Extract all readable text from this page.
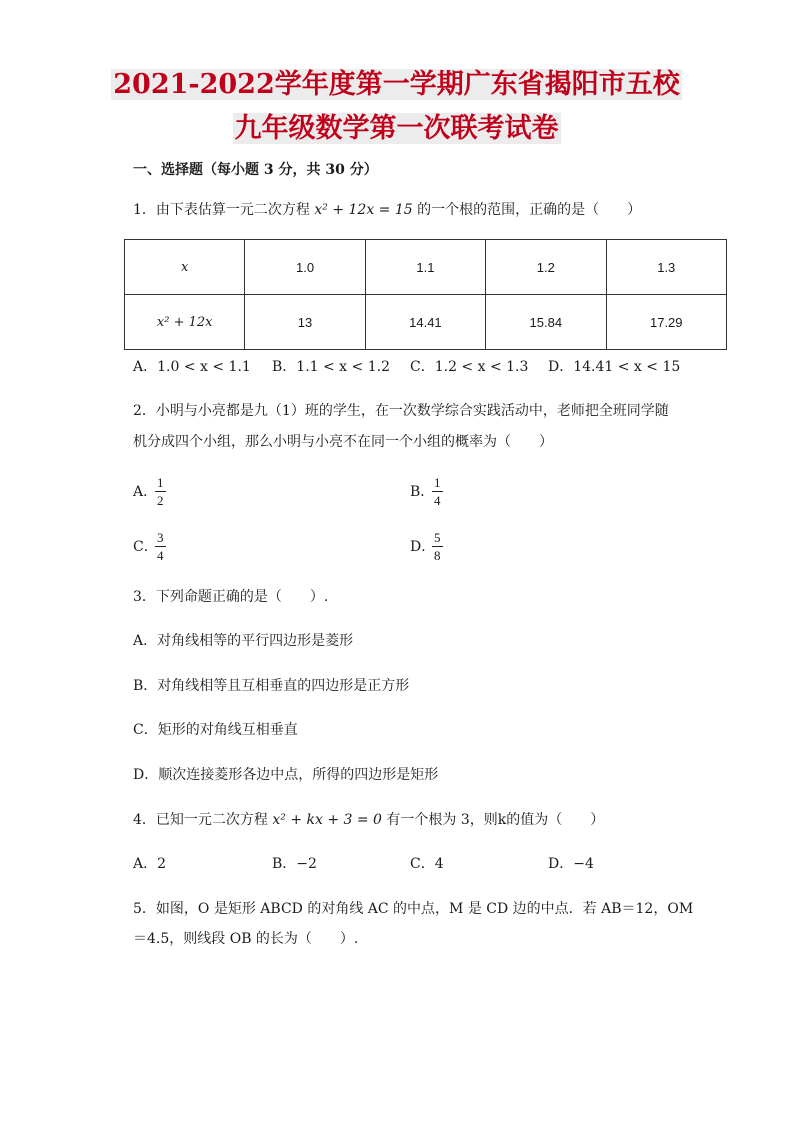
2021-2022学年度第一学期广东省揭阳市五校
九年级数学第一次联考试卷
一、选择题（每小题 3 分，共 30 分）
1．由下表估算一元二次方程 x² + 12x = 15 的一个根的范围，正确的是（　　）
x	1.0	1.1	1.2	1.3
x² + 12x	13	14.41	15.84	17.29
A．1.0 < x < 1.1 B．1.1 < x < 1.2 C．1.2 < x < 1.3 D．14.41 < x < 15
2．小明与小亮都是九（1）班的学生，在一次数学综合实践活动中，老师把全班同学随
机分成四个小组，那么小明与小亮不在同一个小组的概率为（　　）
A．
$\frac{1}{2}$	B．
$\frac{1}{4}$
C．
$\frac{3}{4}$	D．
$\frac{5}{8}$
3．下列命题正确的是（　　）.
A．对角线相等的平行四边形是菱形
B．对角线相等且互相垂直的四边形是正方形
C．矩形的对角线互相垂直
D．顺次连接菱形各边中点，所得的四边形是矩形
4．已知一元二次方程 x² + kx + 3 = 0 有一个根为 3，则k的值为（　　）
A．2	B．−2	C．4	D．−4
5．如图，O 是矩形 ABCD 的对角线 AC 的中点，M 是 CD 边的中点．若 AB＝12，OM
＝4.5，则线段 OB 的长为（　　）.
